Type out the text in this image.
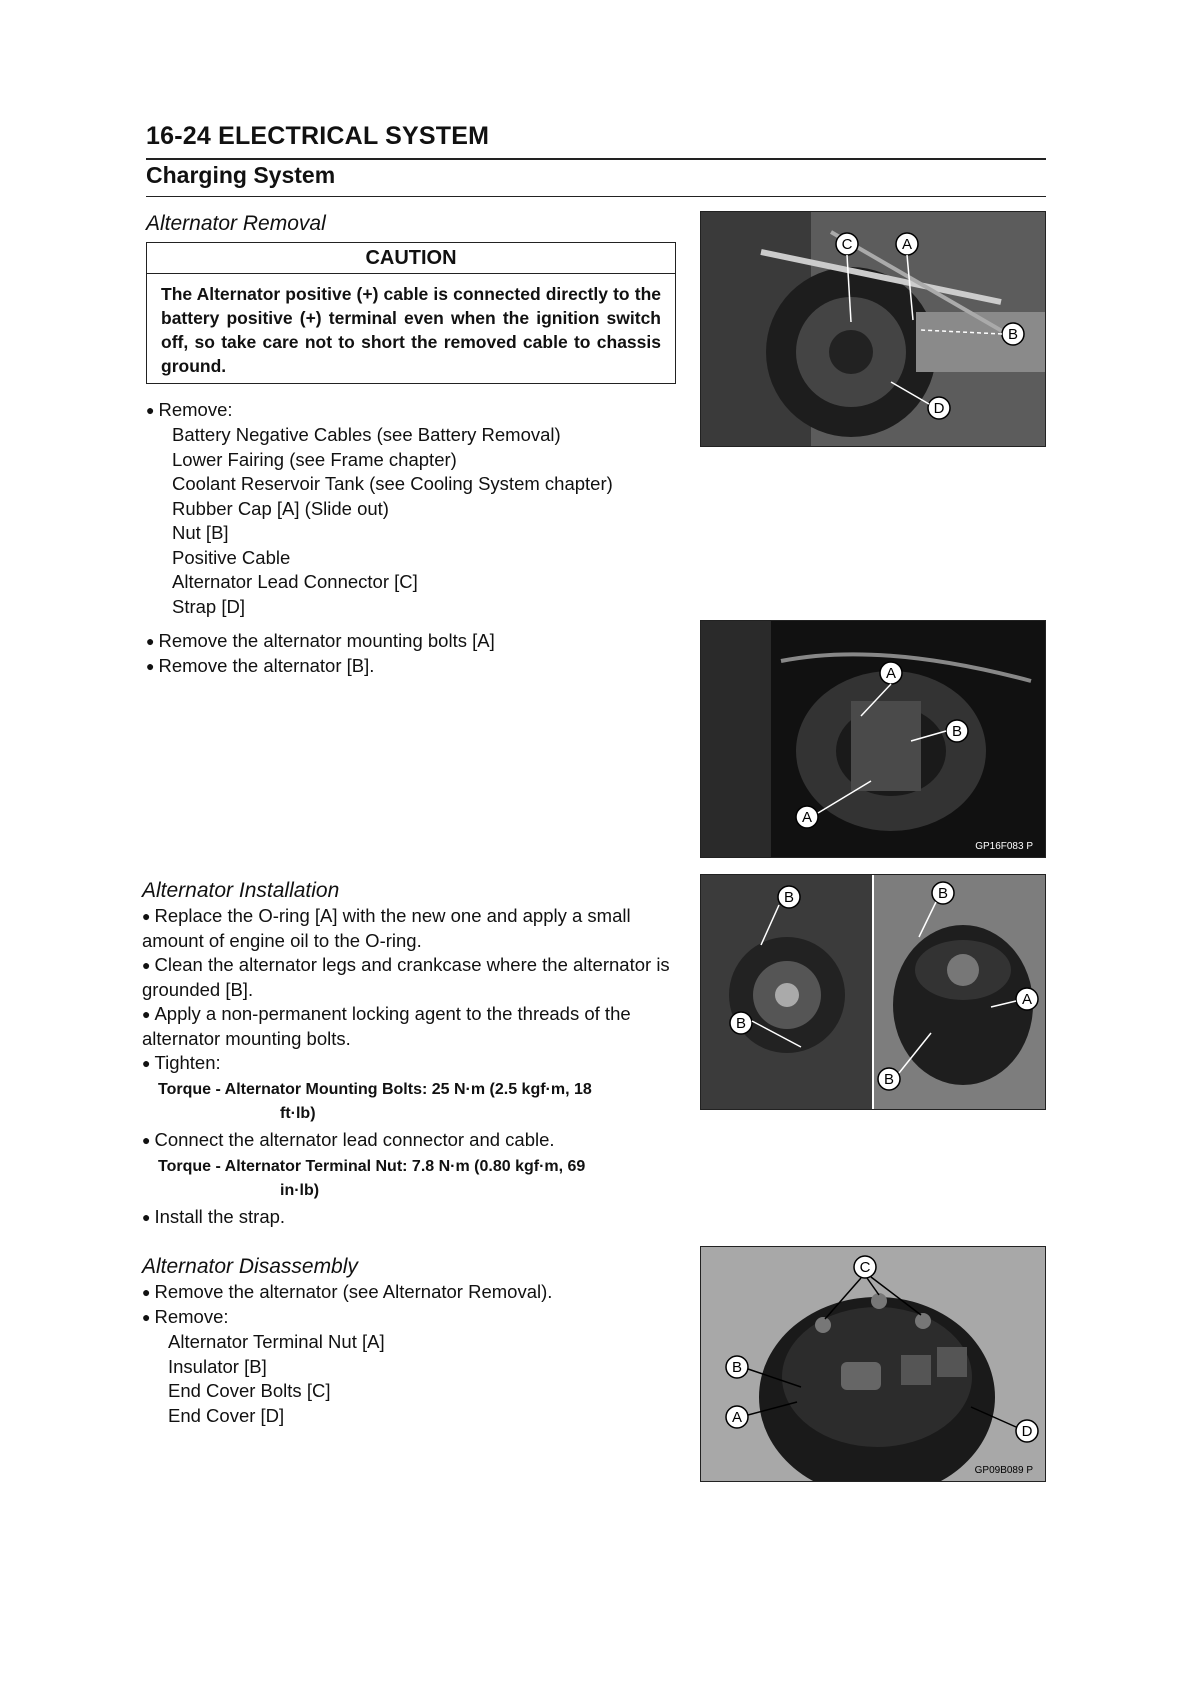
16-24 ELECTRICAL SYSTEM
Charging System
Alternator Removal
CAUTION
The Alternator positive (+) cable is connected directly to the battery positive (+) terminal even when the ignition switch off, so take care not to short the removed cable to chassis ground.
● Remove:
Battery Negative Cables (see Battery Removal)
Lower Fairing (see Frame chapter)
Coolant Reservoir Tank (see Cooling System chapter)
Rubber Cap [A] (Slide out)
Nut [B]
Positive Cable
Alternator Lead Connector [C]
Strap [D]
● Remove the alternator mounting bolts [A]
● Remove the alternator [B].
Alternator Installation
● Replace the O-ring [A] with the new one and apply a small amount of engine oil to the O-ring.
● Clean the alternator legs and crankcase where the alternator is grounded [B].
● Apply a non-permanent locking agent to the threads of the alternator mounting bolts.
● Tighten:
Torque - Alternator Mounting Bolts: 25 N·m (2.5 kgf·m, 18
ft·lb)
● Connect the alternator lead connector and cable.
Torque - Alternator Terminal Nut: 7.8 N·m (0.80 kgf·m, 69
in·lb)
● Install the strap.
Alternator Disassembly
● Remove the alternator (see Alternator Removal).
● Remove:
Alternator Terminal Nut [A]
Insulator [B]
End Cover Bolts [C]
End Cover [D]
C	A
B
D
A
B
A
GP16F083 P
B	B
B
A
B
C
B
A
D
GP09B089 P
